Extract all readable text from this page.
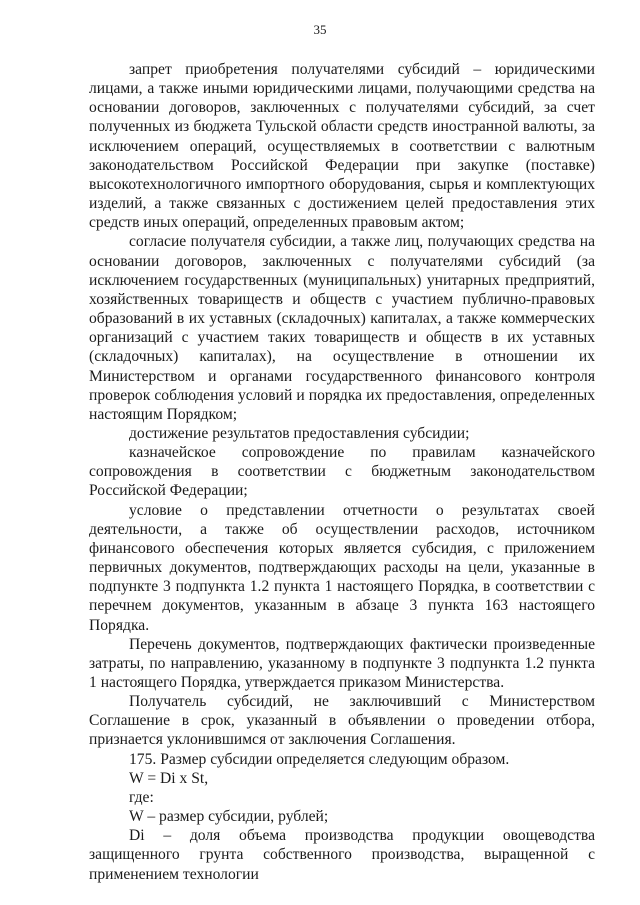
35

запрет приобретения получателями субсидий – юридическими лицами, а также иными юридическими лицами, получающими средства на основании договоров, заключенных с получателями субсидий, за счет полученных из бюджета Тульской области средств иностранной валюты, за исключением операций, осуществляемых в соответствии с валютным законодательством Российской Федерации при закупке (поставке) высокотехнологичного импортного оборудования, сырья и комплектующих изделий, а также связанных с достижением целей предоставления этих средств иных операций, определенных правовым актом;

согласие получателя субсидии, а также лиц, получающих средства на основании договоров, заключенных с получателями субсидий (за исключением государственных (муниципальных) унитарных предприятий, хозяйственных товариществ и обществ с участием публично-правовых образований в их уставных (складочных) капиталах, а также коммерческих организаций с участием таких товариществ и обществ в их уставных (складочных) капиталах), на осуществление в отношении их Министерством и органами государственного финансового контроля проверок соблюдения условий и порядка их предоставления, определенных настоящим Порядком;

достижение результатов предоставления субсидии;

казначейское сопровождение по правилам казначейского сопровождения в соответствии с бюджетным законодательством Российской Федерации;

условие о представлении отчетности о результатах своей деятельности, а также об осуществлении расходов, источником финансового обеспечения которых является субсидия, с приложением первичных документов, подтверждающих расходы на цели, указанные в подпункте 3 подпункта 1.2 пункта 1 настоящего Порядка, в соответствии с перечнем документов, указанным в абзаце 3 пункта 163 настоящего Порядка.

Перечень документов, подтверждающих фактически произведенные затраты, по направлению, указанному в подпункте 3 подпункта 1.2 пункта 1 настоящего Порядка, утверждается приказом Министерства.

Получатель субсидий, не заключивший с Министерством Соглашение в срок, указанный в объявлении о проведении отбора, признается уклонившимся от заключения Соглашения.

175. Размер субсидии определяется следующим образом.

W = Di x St,

где:

W – размер субсидии, рублей;

Di – доля объема производства продукции овощеводства защищенного грунта собственного производства, выращенной с применением технологии
